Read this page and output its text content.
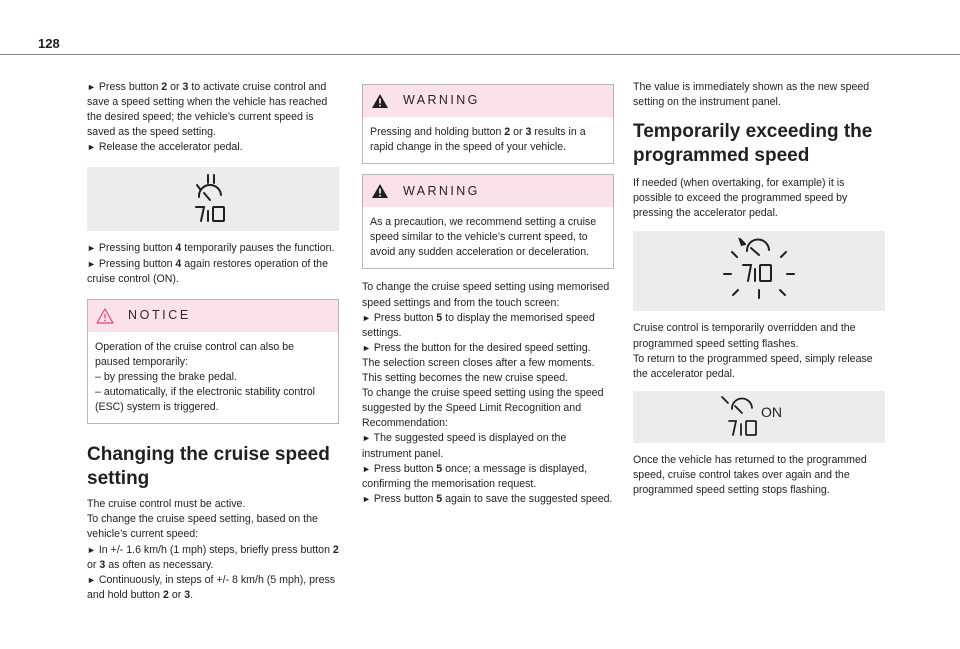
128

► Press button 2 or 3 to activate cruise control and save a speed setting when the vehicle has reached the desired speed; the vehicle’s current speed is saved as the speed setting.

► Release the accelerator pedal.

► Pressing button 4 temporarily pauses the function.

► Pressing button 4 again restores operation of the cruise control (ON).

NOTICE

Operation of the cruise control can also be paused temporarily:

– by pressing the brake pedal.

– automatically, if the electronic stability control (ESC) system is triggered.

Changing the cruise speed setting

The cruise control must be active.

To change the cruise speed setting, based on the vehicle’s current speed:

► In +/- 1.6 km/h (1 mph) steps, briefly press button 2 or 3 as often as necessary.

► Continuously, in steps of +/- 8 km/h (5 mph), press and hold button 2 or 3.

WARNING

Pressing and holding button 2 or 3 results in a rapid change in the speed of your vehicle.

WARNING

As a precaution, we recommend setting a cruise speed similar to the vehicle’s current speed, to avoid any sudden acceleration or deceleration.

To change the cruise speed setting using memorised speed settings and from the touch screen:

► Press button 5 to display the memorised speed settings.

► Press the button for the desired speed setting.

The selection screen closes after a few moments.

This setting becomes the new cruise speed.

To change the cruise speed setting using the speed suggested by the Speed Limit Recognition and Recommendation:

► The suggested speed is displayed on the instrument panel.

► Press button 5 once; a message is displayed, confirming the memorisation request.

► Press button 5 again to save the suggested speed.

The value is immediately shown as the new speed setting on the instrument panel.

Temporarily exceeding the programmed speed

If needed (when overtaking, for example) it is possible to exceed the programmed speed by pressing the accelerator pedal.

Cruise control is temporarily overridden and the programmed speed setting flashes.

To return to the programmed speed, simply release the accelerator pedal.

ON

Once the vehicle has returned to the programmed speed, cruise control takes over again and the programmed speed setting stops flashing.
